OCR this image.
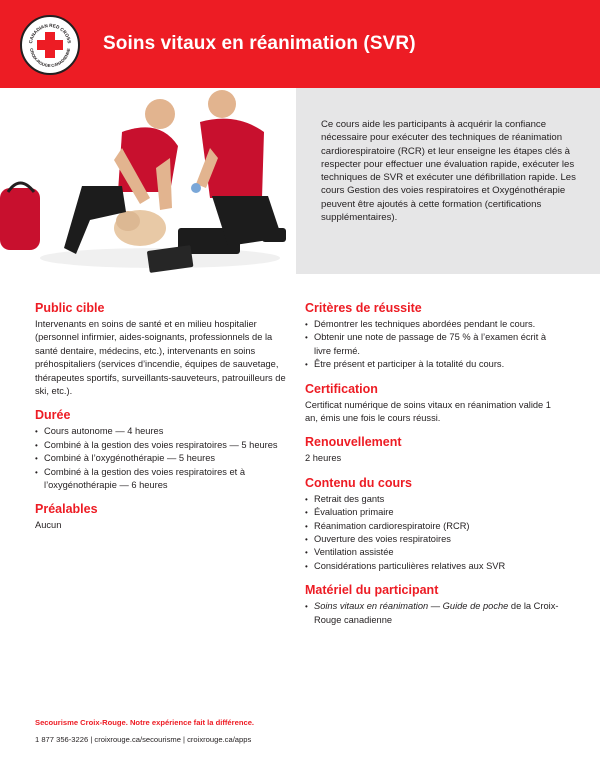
CANADIAN RED CROSS
CROIX-ROUGE CANADIENNE Soins vitaux en réanimation (SVR)

Ce cours aide les participants à acquérir la confiance nécessaire pour exécuter des techniques de réanimation cardiorespiratoire (RCR) et leur enseigne les étapes clés à respecter pour effectuer une évaluation rapide, exécuter les techniques de SVR et exécuter une défibrillation rapide. Les cours Gestion des voies respiratoires et Oxygénothérapie peuvent être ajoutés à cette formation (certifications supplémentaires).

Public cible

Intervenants en soins de santé et en milieu hospitalier (personnel infirmier, aides-soignants, professionnels de la santé dentaire, médecins, etc.), intervenants en soins préhospitaliers (services d’incendie, équipes de sauvetage, thérapeutes sportifs, surveillants-sauveteurs, patrouilleurs de ski, etc.).

Durée
• Cours autonome — 4 heures
• Combiné à la gestion des voies respiratoires — 5 heures
• Combiné à l’oxygénothérapie — 5 heures
• Combiné à la gestion des voies respiratoires et à l’oxygénothérapie — 6 heures
Préalables

Aucun

Critères de réussite
• Démontrer les techniques abordées pendant le cours.
• Obtenir une note de passage de 75 % à l’examen écrit à livre fermé.
• Être présent et participer à la totalité du cours.
Certification

Certificat numérique de soins vitaux en réanimation valide 1 an, émis une fois le cours réussi.

Renouvellement

2 heures

Contenu du cours
• Retrait des gants
• Évaluation primaire
• Réanimation cardiorespiratoire (RCR)
• Ouverture des voies respiratoires
• Ventilation assistée
• Considérations particulières relatives aux SVR
Matériel du participant
• Soins vitaux en réanimation — Guide de poche de la Croix-Rouge canadienne
Secourisme Croix-Rouge. Notre expérience fait la différence.
1 877 356-3226 | croixrouge.ca/secourisme | croixrouge.ca/apps
